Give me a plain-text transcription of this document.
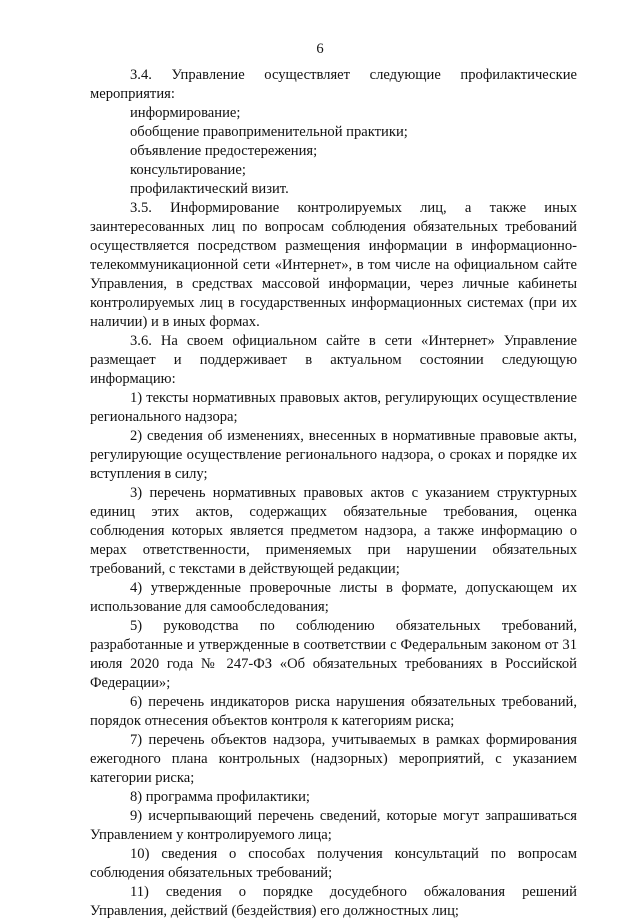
6

3.4. Управление осуществляет следующие профилактические мероприятия:

информирование;

обобщение правоприменительной практики;

объявление предостережения;

консультирование;

профилактический визит.

3.5. Информирование контролируемых лиц, а также иных заинтересованных лиц по вопросам соблюдения обязательных требований осуществляется посредством размещения информации в информационно-телекоммуникационной сети «Интернет», в том числе на официальном сайте Управления, в средствах массовой информации, через личные кабинеты контролируемых лиц в государственных информационных системах (при их наличии) и в иных формах.

3.6. На своем официальном сайте в сети «Интернет» Управление размещает и поддерживает в актуальном состоянии следующую информацию:

1) тексты нормативных правовых актов, регулирующих осуществление регионального надзора;

2) сведения об изменениях, внесенных в нормативные правовые акты, регулирующие осуществление регионального надзора, о сроках и порядке их вступления в силу;

3) перечень нормативных правовых актов с указанием структурных единиц этих актов, содержащих обязательные требования, оценка соблюдения которых является предметом надзора, а также информацию о мерах ответственности, применяемых при нарушении обязательных требований, с текстами в действующей редакции;

4) утвержденные проверочные листы в формате, допускающем их использование для самообследования;

5) руководства по соблюдению обязательных требований, разработанные и утвержденные в соответствии с Федеральным законом от 31 июля 2020 года № 247-ФЗ «Об обязательных требованиях в Российской Федерации»;

6) перечень индикаторов риска нарушения обязательных требований, порядок отнесения объектов контроля к категориям риска;

7) перечень объектов надзора, учитываемых в рамках формирования ежегодного плана контрольных (надзорных) мероприятий, с указанием категории риска;

8) программа профилактики;

9) исчерпывающий перечень сведений, которые могут запрашиваться Управлением у контролируемого лица;

10) сведения о способах получения консультаций по вопросам соблюдения обязательных требований;

11) сведения о порядке досудебного обжалования решений Управления, действий (бездействия) его должностных лиц;
